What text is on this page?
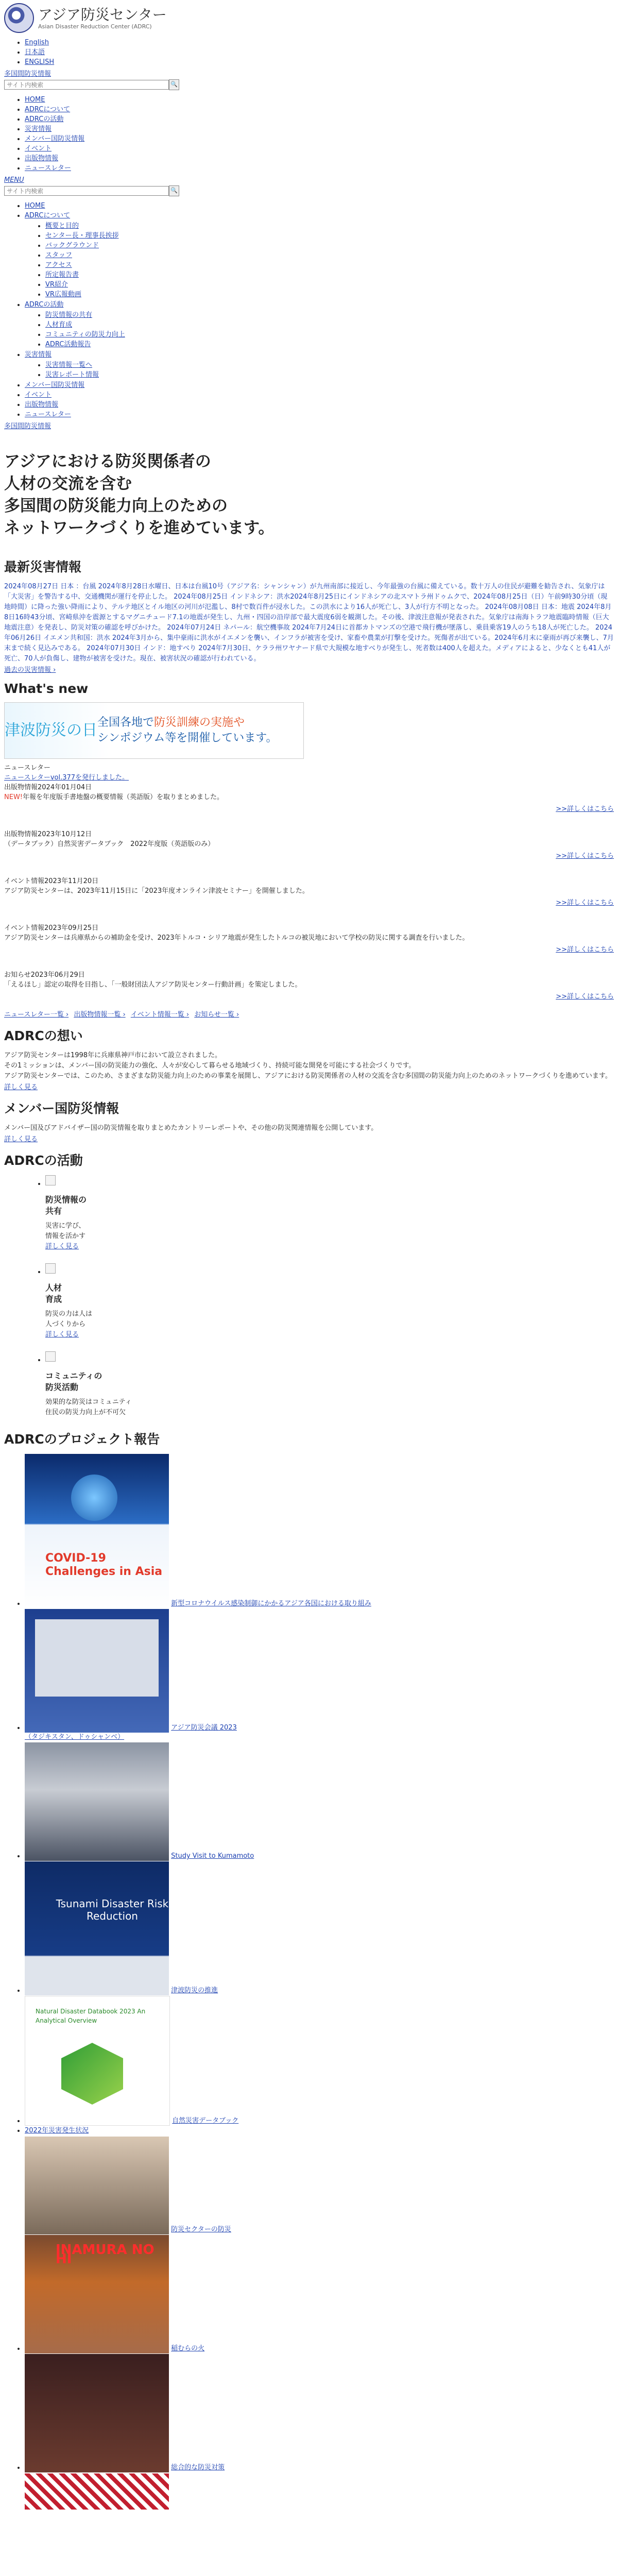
アジア防災センター
Asian Disaster Reduction Center (ADRC)
• English
• 日本語
• ENGLISH
多国間防災情報
サイト内検索
🔍
• HOME
• ADRCについて
• ADRCの活動
• 災害情報
• メンバー国防災情報
• イベント
• 出版物情報
• ニュースレター
MENU
サイト内検索
🔍
• HOME
• ADRCについて
• 概要と目的
• センター長・理事長挨拶
• バックグラウンド
• スタッフ
• アクセス
• 所定報告書
• VR紹介
• VR広報動画
• ADRCの活動
• 防災情報の共有
• 人材育成
• コミュニティの防災力向上
• ADRC活動報告
• 災害情報
• 災害情報一覧へ
• 災害レポート情報
• メンバー国防災情報
• イベント
• 出版物情報
• ニュースレター
多国間防災情報
アジアにおける防災関係者の
人材の交流を含む
多国間の防災能力向上のための
ネットワークづくりを進めています。
最新災害情報
2024年08月27日 日本 ：台風 2024年8月28日水曜日、日本は台風10号（アジア名：シャンシャン）が九州南部に接近し、今年最強の台風に備えている。数十万人の住民が避難を勧告され、気象庁は「大災害」を警告する中、交通機関が運行を停止した。 2024年08月25日 インドネシア：洪水2024年8月25日にインドネシアの北スマトラ州ドゥムクで、2024年08月25日（日）午前9時30分頃（現地時間）に降った強い降雨により、テルテ地区とイル地区の河川が氾濫し、8村で数百件が浸水した。この洪水により16人が死亡し、3人が行方不明となった。 2024年08月08日 日本：地震 2024年8月8日16時43分頃、宮崎県沖を震源とするマグニチュード7.1の地震が発生し、九州・四国の沿岸部で最大震度6弱を観測した。その後、津波注意報が発表された。気象庁は南海トラフ地震臨時情報（巨大地震注意）を発表し、防災対策の確認を呼びかけた。 2024年07月24日 ネパール：航空機事故 2024年7月24日に首都カトマンズの空港で飛行機が墜落し、乗員乗客19人のうち18人が死亡した。 2024年06月26日 イエメン共和国：洪水 2024年3月から、集中豪雨に洪水がイエメンを襲い、インフラが被害を受け、家畜や農業が打撃を受けた。死傷者が出ている。2024年6月末に豪雨が再び来襲し、7月末まで続く見込みである。 2024年07月30日 インド：地すべり 2024年7月30日、ケララ州ワヤナード県で大規模な地すべりが発生し、死者数は400人を超えた。メディアによると、少なくとも41人が死亡、70人が負傷し、建物が被害を受けた。現在、被害状況の確認が行われている。
過去の災害情報 ›
What's new
津波防災の日 全国各地で防災訓練の実施や
シンポジウム等を開催しています。
ニュースレター
ニュースレターvol.377を発行しました。
出版物情報2024年01月04日
NEW!年報を年度版手書地盤の概要情報（英語版）を取りまとめました。
>>詳しくはこちら
出版物情報2023年10月12日
（データブック）自然災害データブック　2022年度版（英語版のみ）
>>詳しくはこちら
イベント情報2023年11月20日
アジア防災センターは、2023年11月15日に「2023年度オンライン津波セミナー」を開催しました。
>>詳しくはこちら
イベント情報2023年09月25日
アジア防災センターは兵庫県からの補助金を受け、2023年トルコ・シリア地震が発生したトルコの被災地において学校の防災に関する調査を行いました。
>>詳しくはこちら
お知らせ2023年06月29日
「えるほし」認定の取得を目指し、「一般財団法人アジア防災センター行動計画」を策定しました。
>>詳しくはこちら
ニュースレター一覧 › 出版物情報一覧 › イベント情報一覧 › お知らせ一覧 ›
ADRCの想い
アジア防災センターは1998年に兵庫県神戸市において設立されました。
その1ミッションは、メンバー国の防災能力の強化、人々が安心して暮らせる地域づくり、持続可能な開発を可能にする社会づくりです。
アジア防災センターでは、このため、さまざまな防災能力向上のための事業を展開し、アジアにおける防災関係者の人材の交流を含む多国間の防災能力向上のためのネットワークづくりを進めています。
詳しく見る
メンバー国防災情報
メンバー国及びアドバイザー国の防災情報を取りまとめたカントリーレポートや、その他の防災関連情報を公開しています。
詳しく見る
ADRCの活動
• 防災情報の
共有
災害に学び、
情報を活かす
詳しく見る
• 人材
育成
防災の力は人は
人づくりから
詳しく見る
• コミュニティの
防災活動
効果的な防災はコミュニティ
住民の防災力向上が不可欠
ADRCのプロジェクト報告
• COVID-19 Challenges in Asia
新型コロナウイルス感染制御にかかるアジア各国における取り組み
• アジア防災会議 2023
（タジキスタン、ドゥシャンベ）
• Study Visit to Kumamoto
• Tsunami Disaster Risk Reduction
津波防災の推進
• Natural Disaster Databook 2023 An Analytical Overview
自然災害データブック
• 2022年災害発生状況
防災セクターの防災
• INAMURA NO HI
稲むらの火
• 総合的な防災対策
